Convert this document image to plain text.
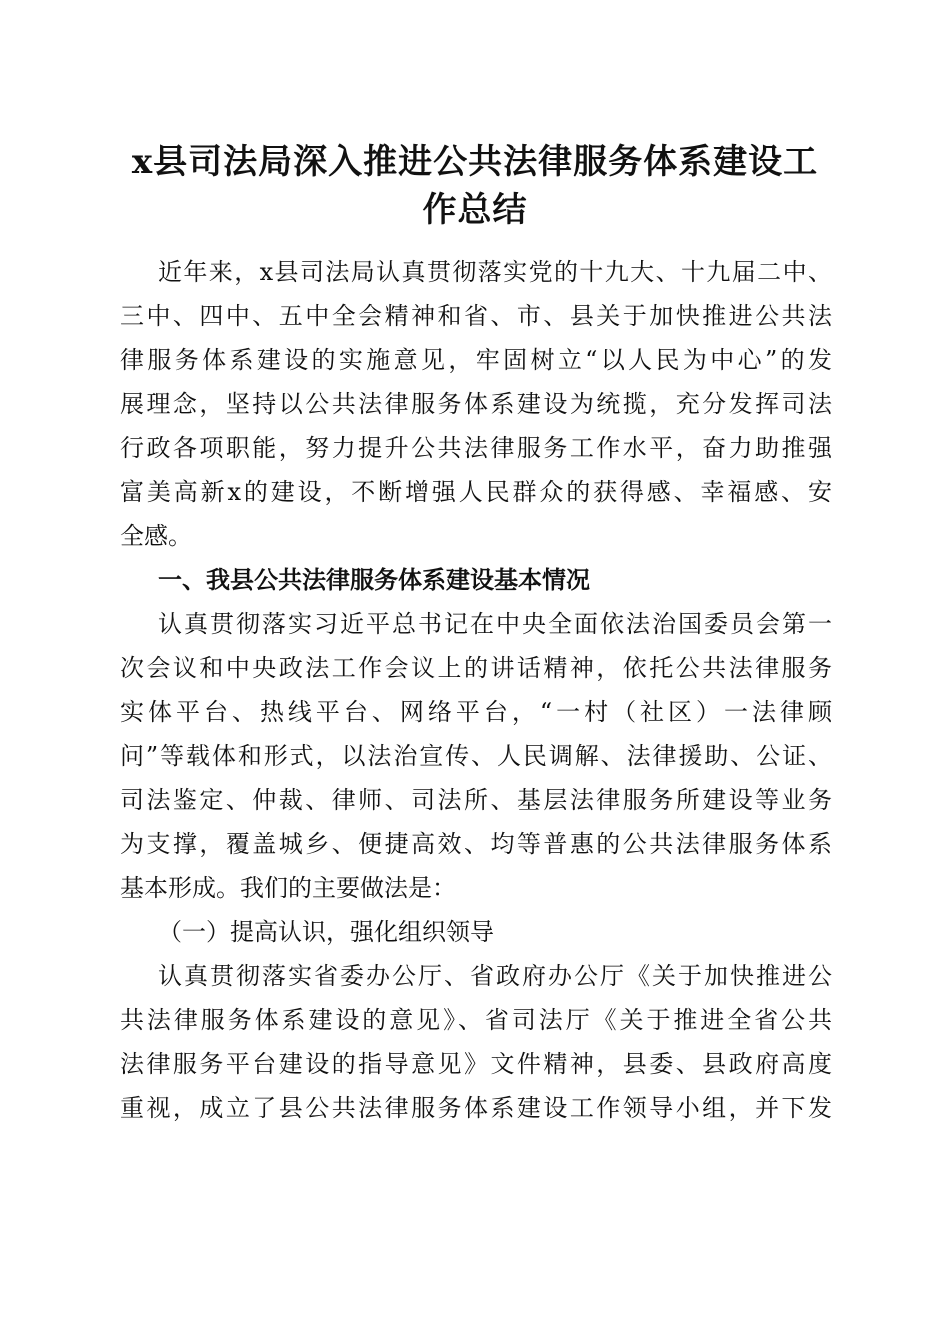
x县司法局深入推进公共法律服务体系建设工
作总结
近年来，x县司法局认真贯彻落实党的十九大、十九届二中、
三中、四中、五中全会精神和省、市、县关于加快推进公共法
律服务体系建设的实施意见，牢固树立“以人民为中心”的发
展理念，坚持以公共法律服务体系建设为统揽，充分发挥司法
行政各项职能，努力提升公共法律服务工作水平，奋力助推强
富美高新x的建设，不断增强人民群众的获得感、幸福感、安
全感。
一、我县公共法律服务体系建设基本情况
认真贯彻落实习近平总书记在中央全面依法治国委员会第一
次会议和中央政法工作会议上的讲话精神，依托公共法律服务
实体平台、热线平台、网络平台，“一村（社区）一法律顾
问”等载体和形式，以法治宣传、人民调解、法律援助、公证、
司法鉴定、仲裁、律师、司法所、基层法律服务所建设等业务
为支撑，覆盖城乡、便捷高效、均等普惠的公共法律服务体系
基本形成。我们的主要做法是：
（一）提高认识，强化组织领导
认真贯彻落实省委办公厅、省政府办公厅《关于加快推进公
共法律服务体系建设的意见》、省司法厅《关于推进全省公共
法律服务平台建设的指导意见》文件精神，县委、县政府高度
重视，成立了县公共法律服务体系建设工作领导小组，并下发
